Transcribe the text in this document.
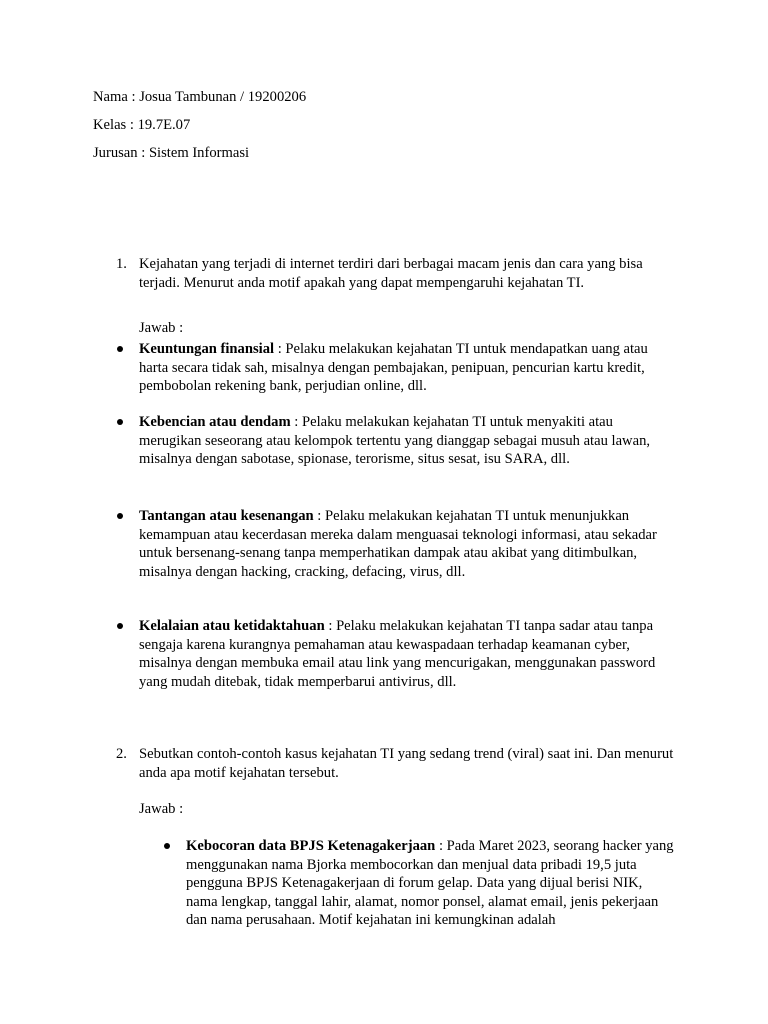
Nama : Josua Tambunan / 19200206

Kelas : 19.7E.07

Jurusan : Sistem Informasi

1. Kejahatan yang terjadi di internet terdiri dari berbagai macam jenis dan cara yang bisa terjadi. Menurut anda motif apakah yang dapat mempengaruhi kejahatan TI.

Jawab :

Keuntungan finansial : Pelaku melakukan kejahatan TI untuk mendapatkan uang atau harta secara tidak sah, misalnya dengan pembajakan, penipuan, pencurian kartu kredit, pembobolan rekening bank, perjudian online, dll.
Kebencian atau dendam : Pelaku melakukan kejahatan TI untuk menyakiti atau merugikan seseorang atau kelompok tertentu yang dianggap sebagai musuh atau lawan, misalnya dengan sabotase, spionase, terorisme, situs sesat, isu SARA, dll.
Tantangan atau kesenangan : Pelaku melakukan kejahatan TI untuk menunjukkan kemampuan atau kecerdasan mereka dalam menguasai teknologi informasi, atau sekadar untuk bersenang-senang tanpa memperhatikan dampak atau akibat yang ditimbulkan, misalnya dengan hacking, cracking, defacing, virus, dll.
Kelalaian atau ketidaktahuan : Pelaku melakukan kejahatan TI tanpa sadar atau tanpa sengaja karena kurangnya pemahaman atau kewaspadaan terhadap keamanan cyber, misalnya dengan membuka email atau link yang mencurigakan, menggunakan password yang mudah ditebak, tidak memperbarui antivirus, dll.

2. Sebutkan contoh-contoh kasus kejahatan TI yang sedang trend (viral) saat ini. Dan menurut anda apa motif kejahatan tersebut.

Jawab :

Kebocoran data BPJS Ketenagakerjaan : Pada Maret 2023, seorang hacker yang menggunakan nama Bjorka membocorkan dan menjual data pribadi 19,5 juta pengguna BPJS Ketenagakerjaan di forum gelap. Data yang dijual berisi NIK, nama lengkap, tanggal lahir, alamat, nomor ponsel, alamat email, jenis pekerjaan dan nama perusahaan. Motif kejahatan ini kemungkinan adalah
